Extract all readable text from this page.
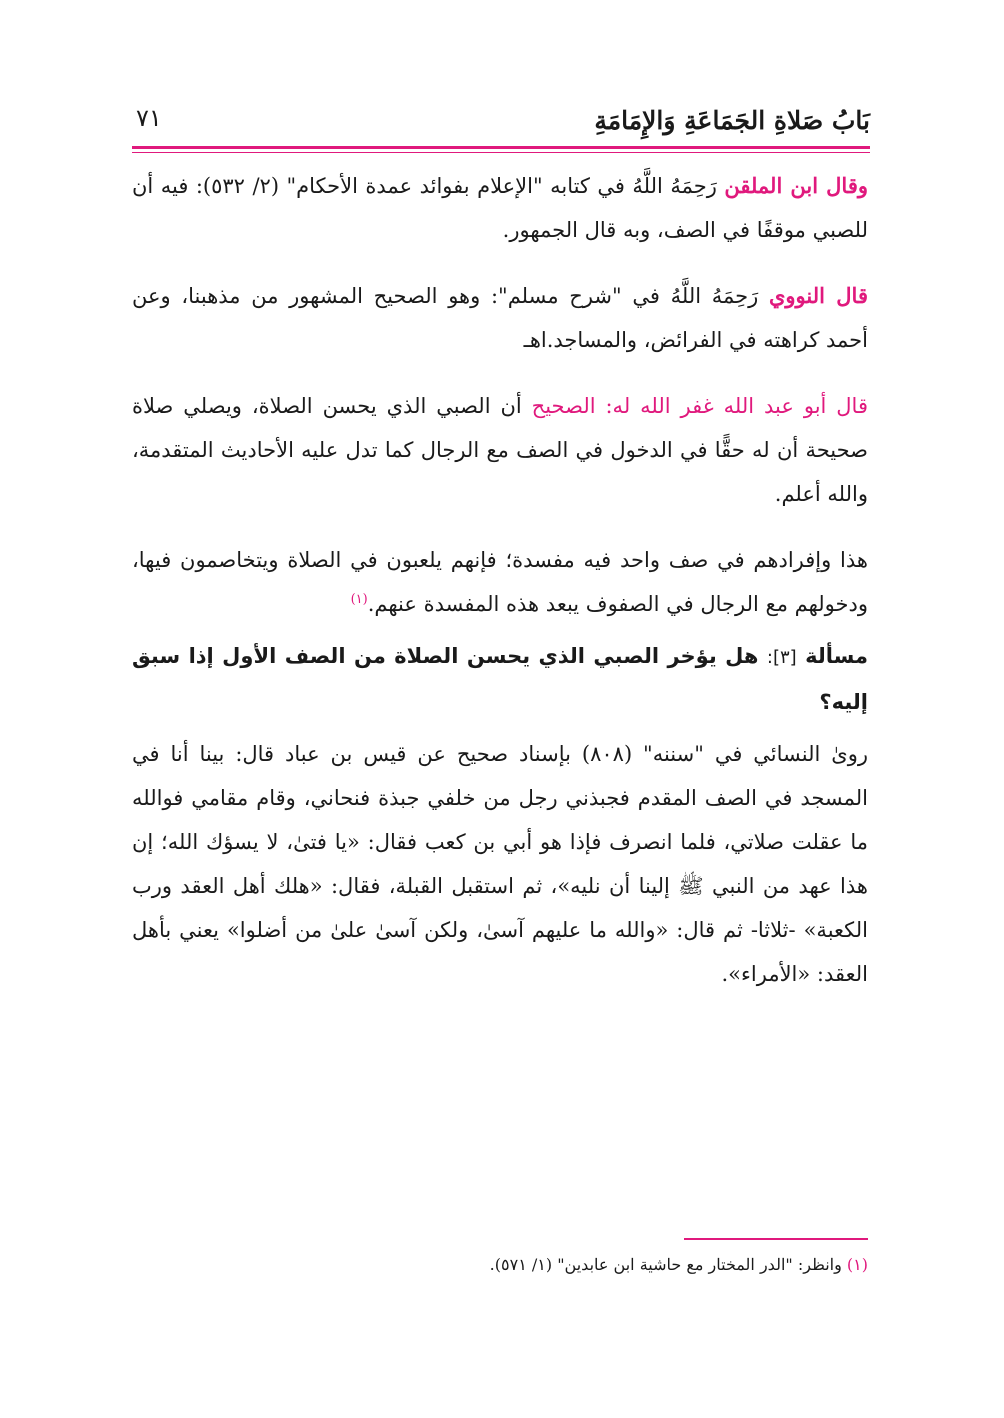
بَابُ صَلاةِ الجَمَاعَةِ وَالإِمَامَةِ
٧١

وقال ابن الملقن رَحِمَهُ اللَّهُ في كتابه "الإعلام بفوائد عمدة الأحكام" (٢/ ٥٣٢): فيه أن للصبي موقفًا في الصف، وبه قال الجمهور.

قال النووي رَحِمَهُ اللَّهُ في "شرح مسلم": وهو الصحيح المشهور من مذهبنا، وعن أحمد كراهته في الفرائض، والمساجد.اهـ

قال أبو عبد الله غفر الله له: الصحيح أن الصبي الذي يحسن الصلاة، ويصلي صلاة صحيحة أن له حقًّا في الدخول في الصف مع الرجال كما تدل عليه الأحاديث المتقدمة، والله أعلم.

هذا وإفرادهم في صف واحد فيه مفسدة؛ فإنهم يلعبون في الصلاة ويتخاصمون فيها، ودخولهم مع الرجال في الصفوف يبعد هذه المفسدة عنهم.$^{(١)}$

مسألة [٣]: هل يؤخر الصبي الذي يحسن الصلاة من الصف الأول إذا سبق إليه؟

روىٰ النسائي في "سننه" (٨٠٨) بإسناد صحيح عن قيس بن عباد قال: بينا أنا في المسجد في الصف المقدم فجبذني رجل من خلفي جبذة فنحاني، وقام مقامي فوالله ما عقلت صلاتي، فلما انصرف فإذا هو أبي بن كعب فقال: «يا فتىٰ، لا يسؤك الله؛ إن هذا عهد من النبي ﷺ إلينا أن نليه»، ثم استقبل القبلة، فقال: «هلك أهل العقد ورب الكعبة» -ثلاثا- ثم قال: «والله ما عليهم آسىٰ، ولكن آسىٰ علىٰ من أضلوا» يعني بأهل العقد: «الأمراء».

(١) وانظر: "الدر المختار مع حاشية ابن عابدين" (١/ ٥٧١).
